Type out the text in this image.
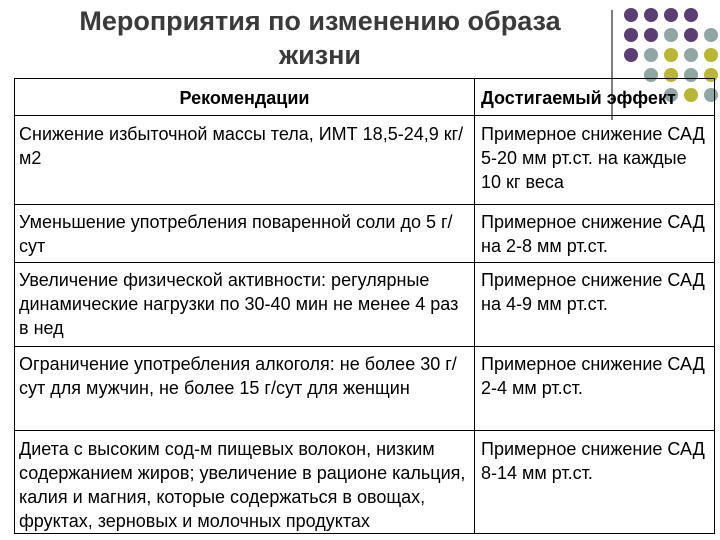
Мероприятия по изменению образа жизни
Рекомендации	Достигаемый эффект
Снижение избыточной массы тела, ИМТ 18,5-24,9 кг/м2	Примерное снижение САД 5-20 мм рт.ст. на каждые 10 кг веса
Уменьшение употребления поваренной соли до 5 г/сут	Примерное снижение САД на 2-8 мм рт.ст.
Увеличение физической активности: регулярные динамические нагрузки по 30-40 мин не менее 4 раз в нед	Примерное снижение САД на 4-9 мм рт.ст.
Ограничение употребления алкоголя: не более 30 г/сут для мужчин, не более 15 г/сут для женщин	Примерное снижение САД 2-4 мм рт.ст.
Диета с высоким сод-м пищевых волокон, низким содержанием жиров; увеличение в рационе кальция, калия и магния, которые содержаться в овощах, фруктах, зерновых и молочных продуктах	Примерное снижение САД 8-14 мм рт.ст.
